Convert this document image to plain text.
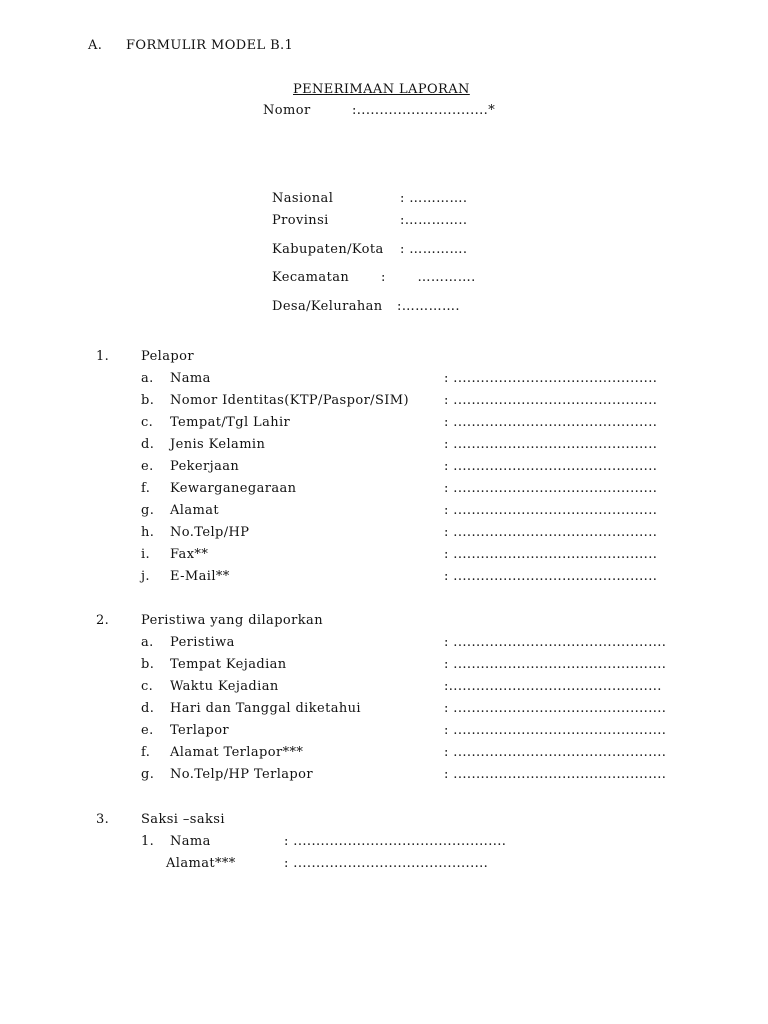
A. FORMULIR MODEL B.1
PENERIMAAN LAPORAN
Nomor	:.............................*
Nasional	: ………….
Provinsi	:…………..
Kabupaten/Kota : ………….
Kecamatan :       ………….
Desa/Kelurahan :………….
1. Pelapor
a. Nama	: .............................................
b. Nomor Identitas(KTP/Paspor/SIM)	: .............................................
c. Tempat/Tgl Lahir	: .............................................
d. Jenis Kelamin	: .............................................
e. Pekerjaan	: .............................................
f. Kewarganegaraan	: .............................................
g. Alamat	: .............................................
h. No.Telp/HP	: .............................................
i. Fax**	: .............................................
j. E-Mail**	: .............................................
2. Peristiwa yang dilaporkan
a. Peristiwa	: ...............................................
b. Tempat Kejadian	: ...............................................
c. Waktu Kejadian	:...............................................
d. Hari dan Tanggal diketahui	: ...............................................
e. Terlapor	: ...............................................
f. Alamat Terlapor***	: ...............................................
g. No.Telp/HP Terlapor	: ...............................................
3. Saksi –saksi
1. Nama	: ...............................................
Alamat***	: ...........................................
